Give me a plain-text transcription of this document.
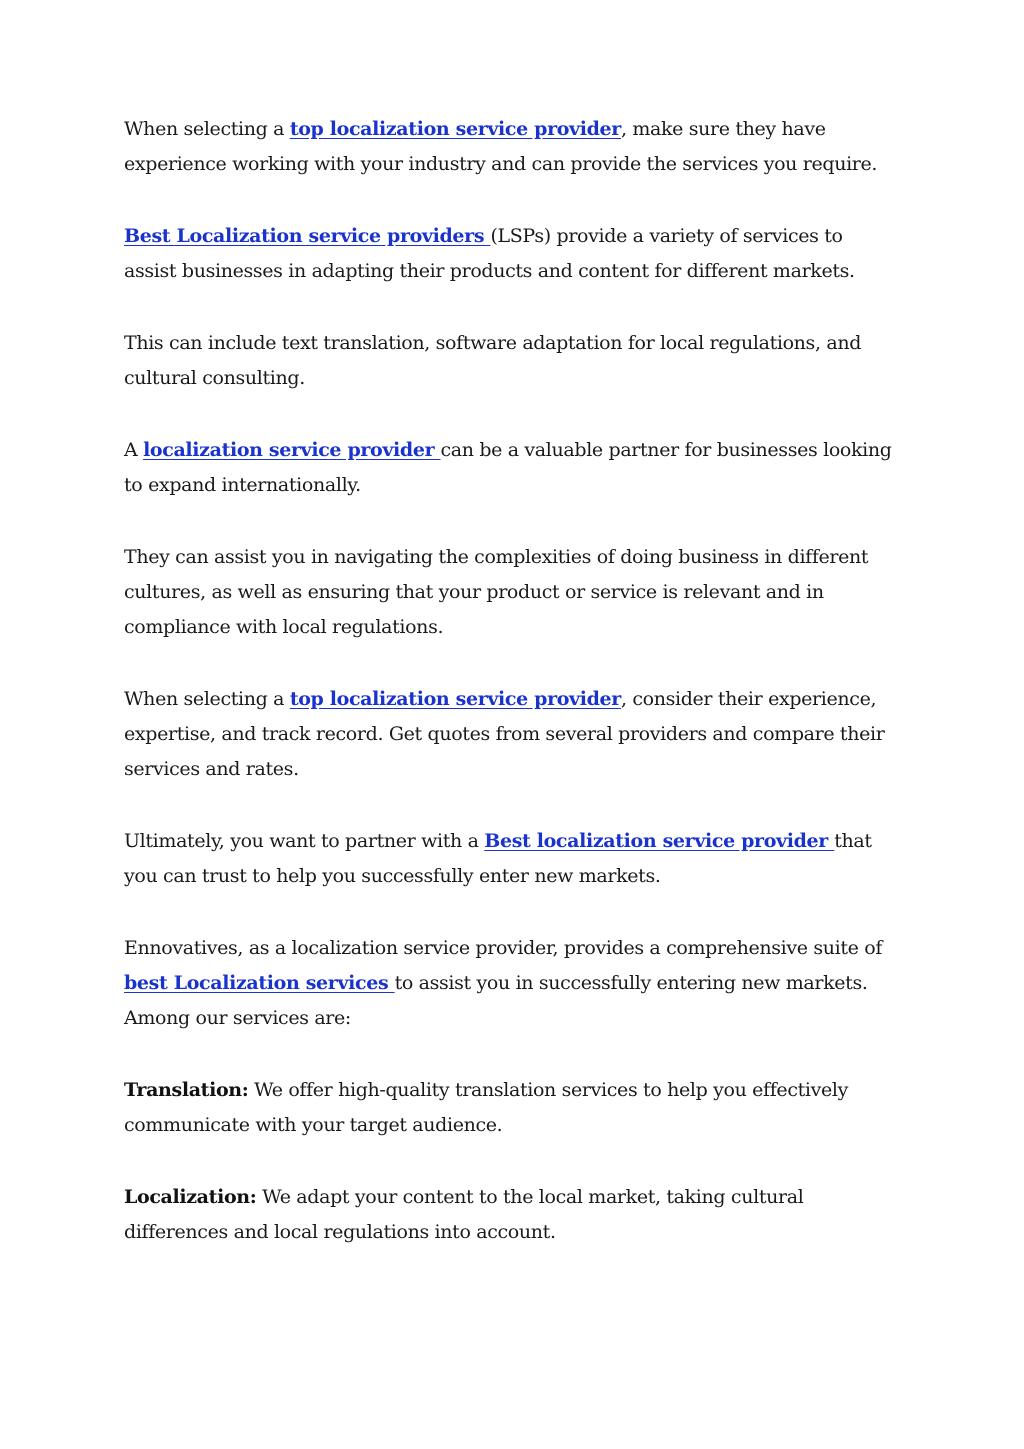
When selecting a top localization service provider, make sure they have experience working with your industry and can provide the services you require.

Best Localization service providers (LSPs) provide a variety of services to assist businesses in adapting their products and content for different markets.

This can include text translation, software adaptation for local regulations, and cultural consulting.

A localization service provider can be a valuable partner for businesses looking to expand internationally.

They can assist you in navigating the complexities of doing business in different cultures, as well as ensuring that your product or service is relevant and in compliance with local regulations.

When selecting a top localization service provider, consider their experience, expertise, and track record. Get quotes from several providers and compare their services and rates.

Ultimately, you want to partner with a Best localization service provider that you can trust to help you successfully enter new markets.

Ennovatives, as a localization service provider, provides a comprehensive suite of best Localization services to assist you in successfully entering new markets. Among our services are:

Translation: We offer high-quality translation services to help you effectively communicate with your target audience.

Localization: We adapt your content to the local market, taking cultural differences and local regulations into account.
